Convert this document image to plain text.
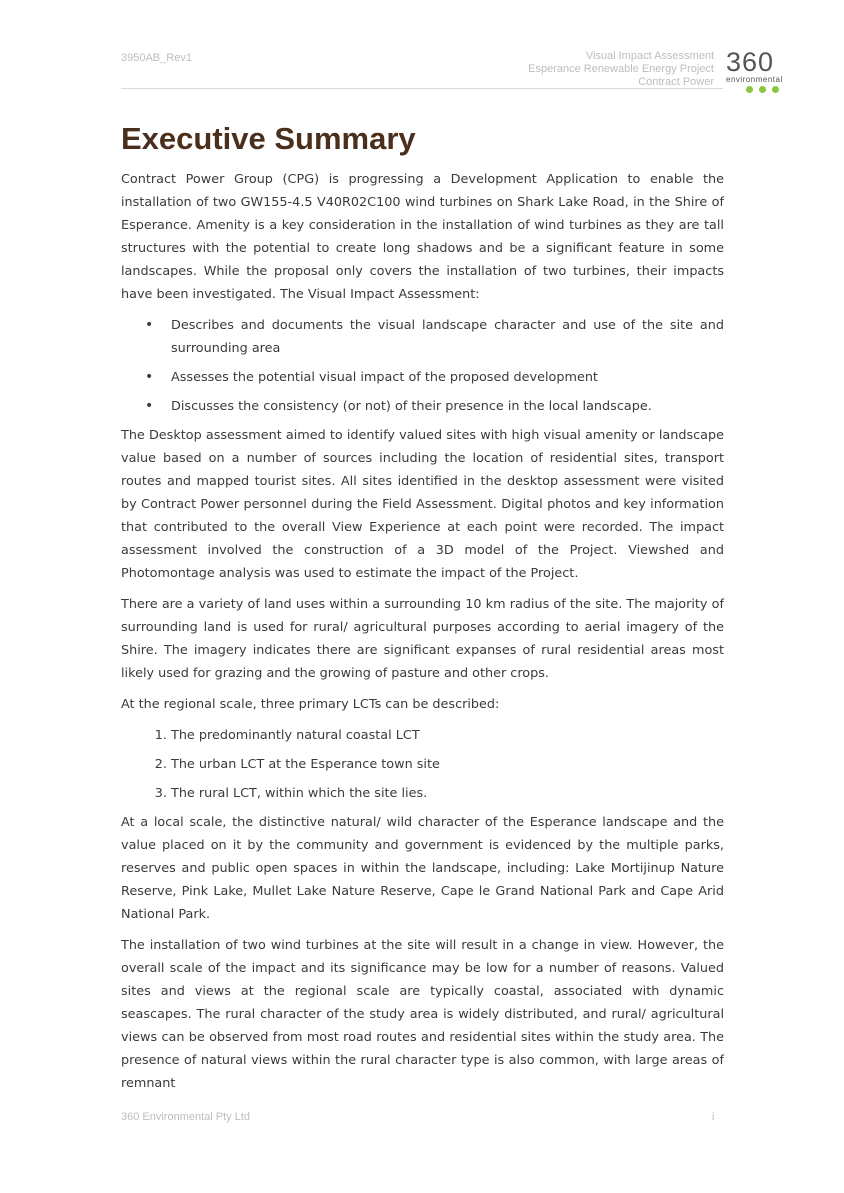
3950AB_Rev1	Visual Impact Assessment
Esperance Renewable Energy Project
Contract Power
360
environmental
Executive Summary

Contract Power Group (CPG) is progressing a Development Application to enable the installation of two GW155-4.5 V40R02C100 wind turbines on Shark Lake Road, in the Shire of Esperance. Amenity is a key consideration in the installation of wind turbines as they are tall structures with the potential to create long shadows and be a significant feature in some landscapes. While the proposal only covers the installation of two turbines, their impacts have been investigated. The Visual Impact Assessment:

• Describes and documents the visual landscape character and use of the site and surrounding area
• Assesses the potential visual impact of the proposed development
• Discusses the consistency (or not) of their presence in the local landscape.

The Desktop assessment aimed to identify valued sites with high visual amenity or landscape value based on a number of sources including the location of residential sites, transport routes and mapped tourist sites. All sites identified in the desktop assessment were visited by Contract Power personnel during the Field Assessment. Digital photos and key information that contributed to the overall View Experience at each point were recorded. The impact assessment involved the construction of a 3D model of the Project. Viewshed and Photomontage analysis was used to estimate the impact of the Project.

There are a variety of land uses within a surrounding 10 km radius of the site. The majority of surrounding land is used for rural/ agricultural purposes according to aerial imagery of the Shire. The imagery indicates there are significant expanses of rural residential areas most likely used for grazing and the growing of pasture and other crops.

At the regional scale, three primary LCTs can be described:

1. The predominantly natural coastal LCT
2. The urban LCT at the Esperance town site
3. The rural LCT, within which the site lies.

At a local scale, the distinctive natural/ wild character of the Esperance landscape and the value placed on it by the community and government is evidenced by the multiple parks, reserves and public open spaces in within the landscape, including: Lake Mortijinup Nature Reserve, Pink Lake, Mullet Lake Nature Reserve, Cape le Grand National Park and Cape Arid National Park.

The installation of two wind turbines at the site will result in a change in view. However, the overall scale of the impact and its significance may be low for a number of reasons. Valued sites and views at the regional scale are typically coastal, associated with dynamic seascapes. The rural character of the study area is widely distributed, and rural/ agricultural views can be observed from most road routes and residential sites within the study area. The presence of natural views within the rural character type is also common, with large areas of remnant

360 Environmental Pty Ltd	i
